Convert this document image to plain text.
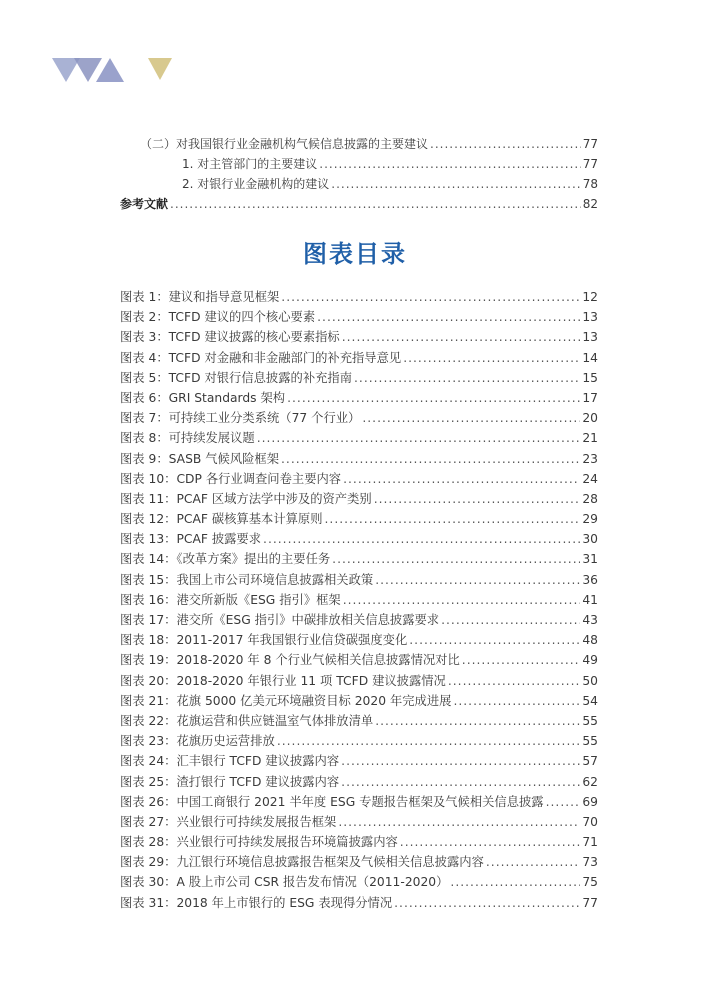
（二）对我国银行业金融机构气候信息披露的主要建议 .....	77
1. 对主管部门的主要建议 .....	77
2. 对银行业金融机构的建议 .....	78
参考文献 .....	82
图表目录
图表 1：建议和指导意见框架 .....	12
图表 2：TCFD 建议的四个核心要素 .....	13
图表 3：TCFD 建议披露的核心要素指标 .....	13
图表 4：TCFD 对金融和非金融部门的补充指导意见 .....	14
图表 5：TCFD 对银行信息披露的补充指南 .....	15
图表 6：GRI Standards 架构 .....	17
图表 7：可持续工业分类系统（77 个行业） .....	20
图表 8：可持续发展议题 .....	21
图表 9：SASB 气候风险框架 .....	23
图表 10：CDP 各行业调查问卷主要内容 .....	24
图表 11：PCAF 区域方法学中涉及的资产类别 .....	28
图表 12：PCAF 碳核算基本计算原则 .....	29
图表 13：PCAF 披露要求 .....	30
图表 14：《改革方案》提出的主要任务 .....	31
图表 15：我国上市公司环境信息披露相关政策 .....	36
图表 16：港交所新版《ESG 指引》框架 .....	41
图表 17：港交所《ESG 指引》中碳排放相关信息披露要求 .....	43
图表 18：2011-2017 年我国银行业信贷碳强度变化 .....	48
图表 19：2018-2020 年 8 个行业气候相关信息披露情况对比 .....	49
图表 20：2018-2020 年银行业 11 项 TCFD 建议披露情况 .....	50
图表 21：花旗 5000 亿美元环境融资目标 2020 年完成进展 .....	54
图表 22：花旗运营和供应链温室气体排放清单 .....	55
图表 23：花旗历史运营排放 .....	55
图表 24：汇丰银行 TCFD 建议披露内容 .....	57
图表 25：渣打银行 TCFD 建议披露内容 .....	62
图表 26：中国工商银行 2021 半年度 ESG 专题报告框架及气候相关信息披露 .....	69
图表 27：兴业银行可持续发展报告框架 .....	70
图表 28：兴业银行可持续发展报告环境篇披露内容 .....	71
图表 29：九江银行环境信息披露报告框架及气候相关信息披露内容 .....	73
图表 30：A 股上市公司 CSR 报告发布情况（2011-2020） .....	75
图表 31：2018 年上市银行的 ESG 表现得分情况 .....	77
